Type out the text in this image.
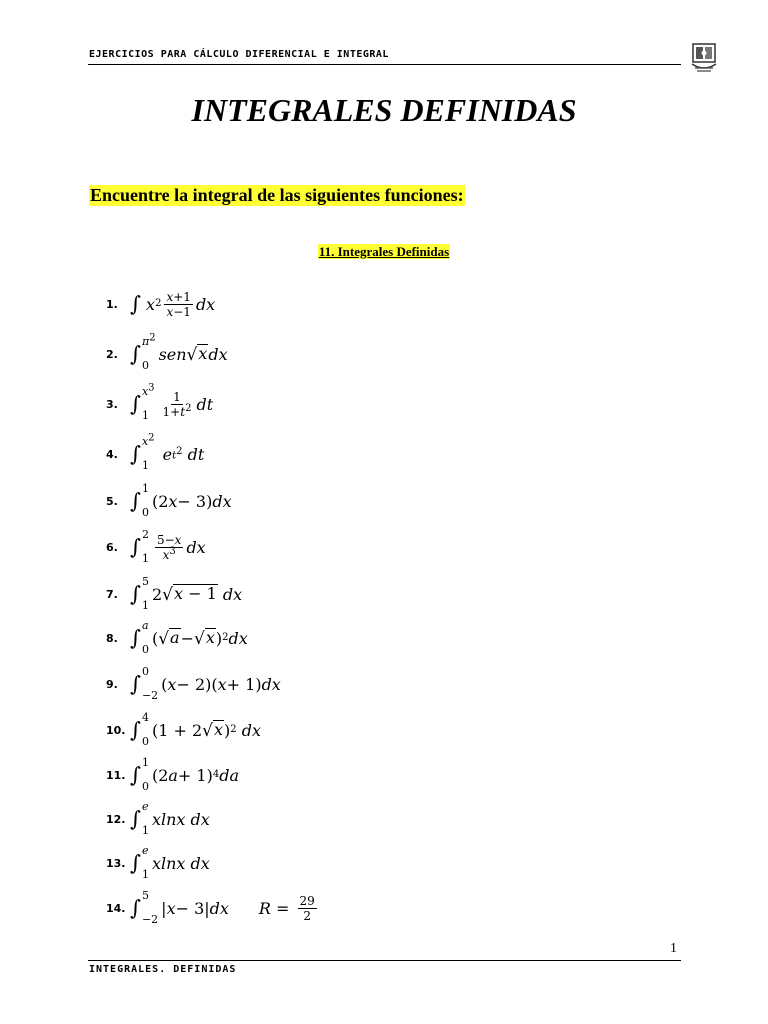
EJERCICIOS PARA CÁLCULO DIFERENCIAL E INTEGRAL
INTEGRALES DEFINIDAS
Encuentre la integral de las siguientes funciones:
11. Integrales Definidas
1. ∫
x $2 \frac{x+1}{x-1}$ dx
2. ∫ $\pi^2$
0
sen √ x dx
3. ∫ $x^3$
$1 \frac{1}{1+t^2}$ dt
4. ∫ $x^2$
1

e $t^2$
dt
5. ∫ 1
0
(2 x − 3) dx
6. ∫ 2
$1 \frac{5-x}{x^3}$ dx
7. ∫ 5
1
2 √ x − 1
dx
8. ∫ a
0
( √ a − √ x ) 2 dx
9. ∫ 0
−2
( x − 2)( x + 1) dx
10. ∫ 4
0
(1 + 2 √ x ) 2
dx
11. ∫ 1
0
(2 a + 1) 4 da
12. ∫ e
1
xlnx
dx
13. ∫ e
1
xlnx
dx
14. ∫ 5
−2
| x − 3| dx $R = \frac{29}{2}$
1
INTEGRALES. DEFINIDAS
